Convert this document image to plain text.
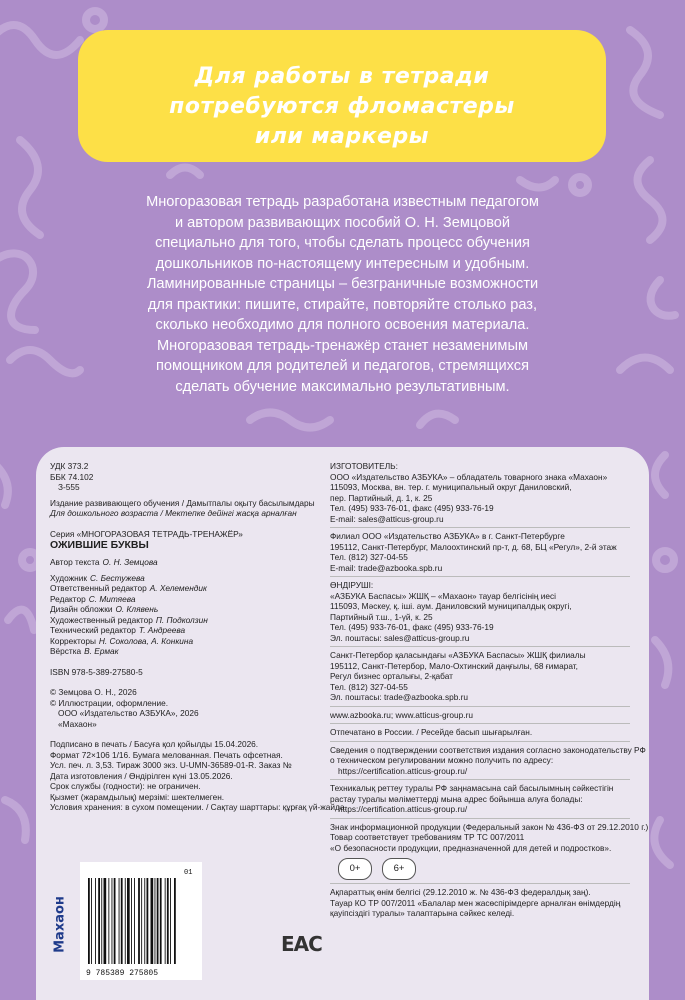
Для работы в тетради
потребуются фломастеры
или маркеры
Многоразовая тетрадь разработана известным педагогом
и автором развивающих пособий О. Н. Земцовой
специально для того, чтобы сделать процесс обучения
дошкольников по-настоящему интересным и удобным.
Ламинированные страницы – безграничные возможности
для практики: пишите, стирайте, повторяйте столько раз,
сколько необходимо для полного освоения материала.
Многоразовая тетрадь-тренажёр станет незаменимым
помощником для родителей и педагогов, стремящихся
сделать обучение максимально результативным.
УДК 373.2
ББК 74.102
З-555
Издание развивающего обучения / Дамытпалы оқыту басылымдары
Для дошкольного возраста / Мектепке дейінгі жасқа арналған
Серия «МНОГОРАЗОВАЯ ТЕТРАДЬ-ТРЕНАЖЁР»
ОЖИВШИЕ БУКВЫ
Автор текста О. Н. Земцова
Художник С. Бестужева
Ответственный редактор А. Хелемендик
Редактор С. Митяева
Дизайн обложки О. Клявень
Художественный редактор П. Подколзин
Технический редактор Т. Андреева
Корректоры Н. Соколова, А. Конкина
Вёрстка В. Ермак
ISBN 978-5-389-27580-5
© Земцова О. Н., 2026
© Иллюстрации, оформление.
ООО «Издательство АЗБУКА», 2026
«Махаон»
Подписано в печать / Басуға қол қойылды 15.04.2026.
Формат 72×106 1/16. Бумага мелованная. Печать офсетная.
Усл. печ. л. 3,53. Тираж 3000 экз. U-UMN-36589-01-R. Заказ №
Дата изготовления / Өндірілген күні 13.05.2026.
Срок службы (годности): не ограничен.
Қызмет (жарамдылық) мерзімі: шектелмеген.
Условия хранения: в сухом помещении. / Сақтау шарттары: құрғақ үй-жайда.
ИЗГОТОВИТЕЛЬ:
ООО «Издательство АЗБУКА» – обладатель товарного знака «Махаон»
115093, Москва, вн. тер. г. муниципальный округ Даниловский,
пер. Партийный, д. 1, к. 25
Тел. (495) 933-76-01, факс (495) 933-76-19
E-mail: sales@atticus-group.ru
Филиал ООО «Издательство АЗБУКА» в г. Санкт-Петербурге
195112, Санкт-Петербург, Малоохтинский пр-т, д. 68, БЦ «Регул», 2-й этаж
Тел. (812) 327-04-55
E-mail: trade@azbooka.spb.ru
ӨНДІРУШІ:
«АЗБУКА Баспасы» ЖШҚ – «Махаон» тауар белгісінің иесі
115093, Мәскеу, қ. іші. аум. Даниловский муниципалдық округі,
Партийный т.ш., 1-үй, к. 25
Тел. (495) 933-76-01, факс (495) 933-76-19
Эл. поштасы: sales@atticus-group.ru
Санкт-Петербор қаласындағы «АЗБУКА Баспасы» ЖШҚ филиалы
195112, Санкт-Петербор, Мало-Охтинский даңғылы, 68 ғимарат,
Регул бизнес орталығы, 2-қабат
Тел. (812) 327-04-55
Эл. поштасы: trade@azbooka.spb.ru
www.azbooka.ru; www.atticus-group.ru
Отпечатано в России. / Ресейде басып шығарылған.
Сведения о подтверждении соответствия издания согласно законодательству РФ
о техническом регулировании можно получить по адресу:
https://certification.atticus-group.ru/
Техникалық реттеу туралы РФ заңнамасына сай басылымның сәйкестігін
растау туралы мәліметтерді мына адрес бойынша алуға болады:
https://certification.atticus-group.ru/
Знак информационной продукции (Федеральный закон № 436-ФЗ от 29.12.2010 г.)
Товар соответствует требованиям ТР ТС 007/2011
«О безопасности продукции, предназначенной для детей и подростков».
0+	6+
Ақпараттық өнім белгісі (29.12.2010 ж. № 436-ФЗ федералдық заң).
Тауар КО ТР 007/2011 «Балалар мен жасөспірімдерге арналған өнімдердің
қауіпсіздігі туралы» талаптарына сәйкес келеді.
Махаон
9 785389 275805
01
EAC
